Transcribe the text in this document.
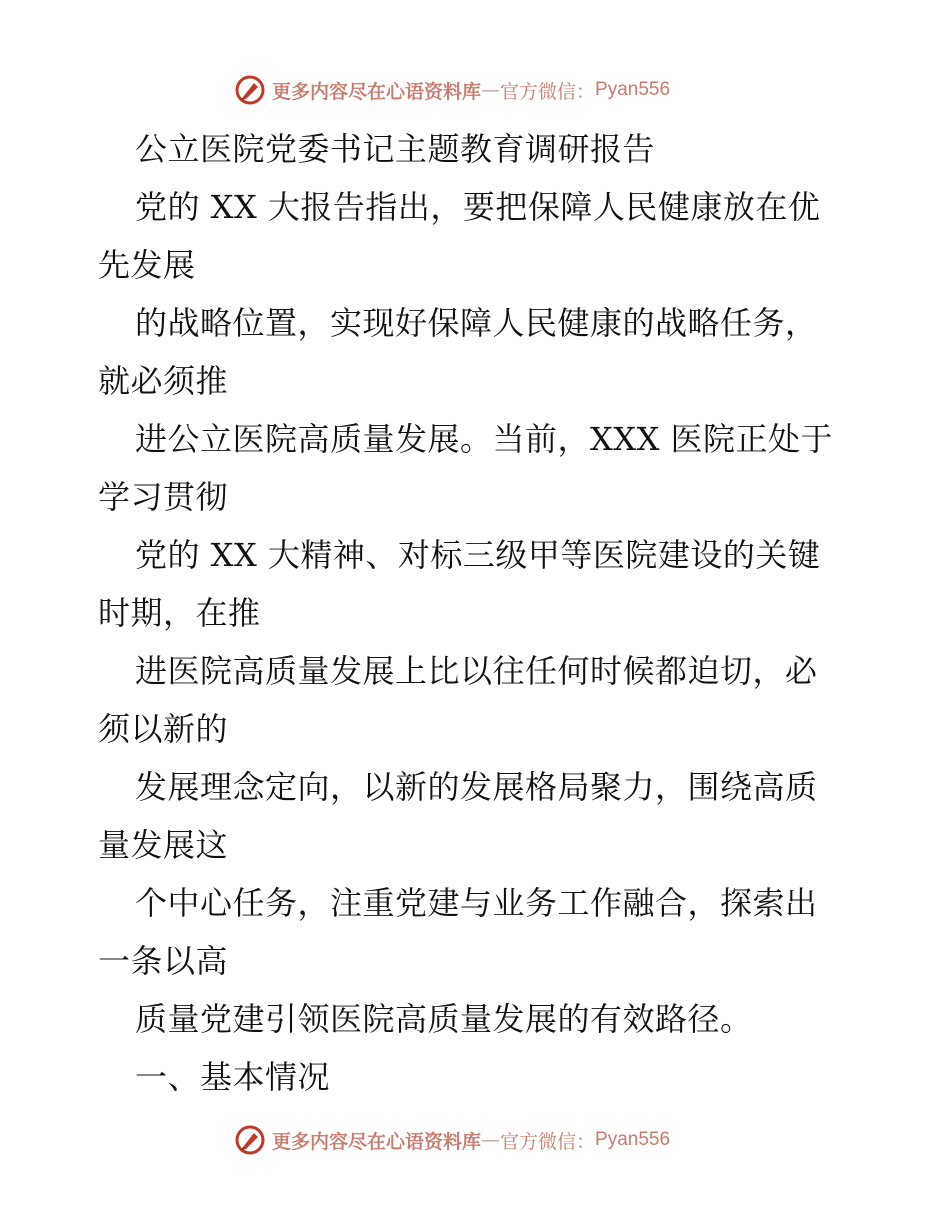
更多内容尽在心语资料库 — 官方微信： Pyan556
公立医院党委书记主题教育调研报告
党的 XX 大报告指出，要把保障人民健康放在优
先发展
的战略位置，实现好保障人民健康的战略任务，
就必须推
进公立医院高质量发展。当前，XXX 医院正处于
学习贯彻
党的 XX 大精神、对标三级甲等医院建设的关键
时期，在推
进医院高质量发展上比以往任何时候都迫切，必
须以新的
发展理念定向，以新的发展格局聚力，围绕高质
量发展这
个中心任务，注重党建与业务工作融合，探索出
一条以高
质量党建引领医院高质量发展的有效路径。
一、基本情况
更多内容尽在心语资料库 — 官方微信： Pyan556
